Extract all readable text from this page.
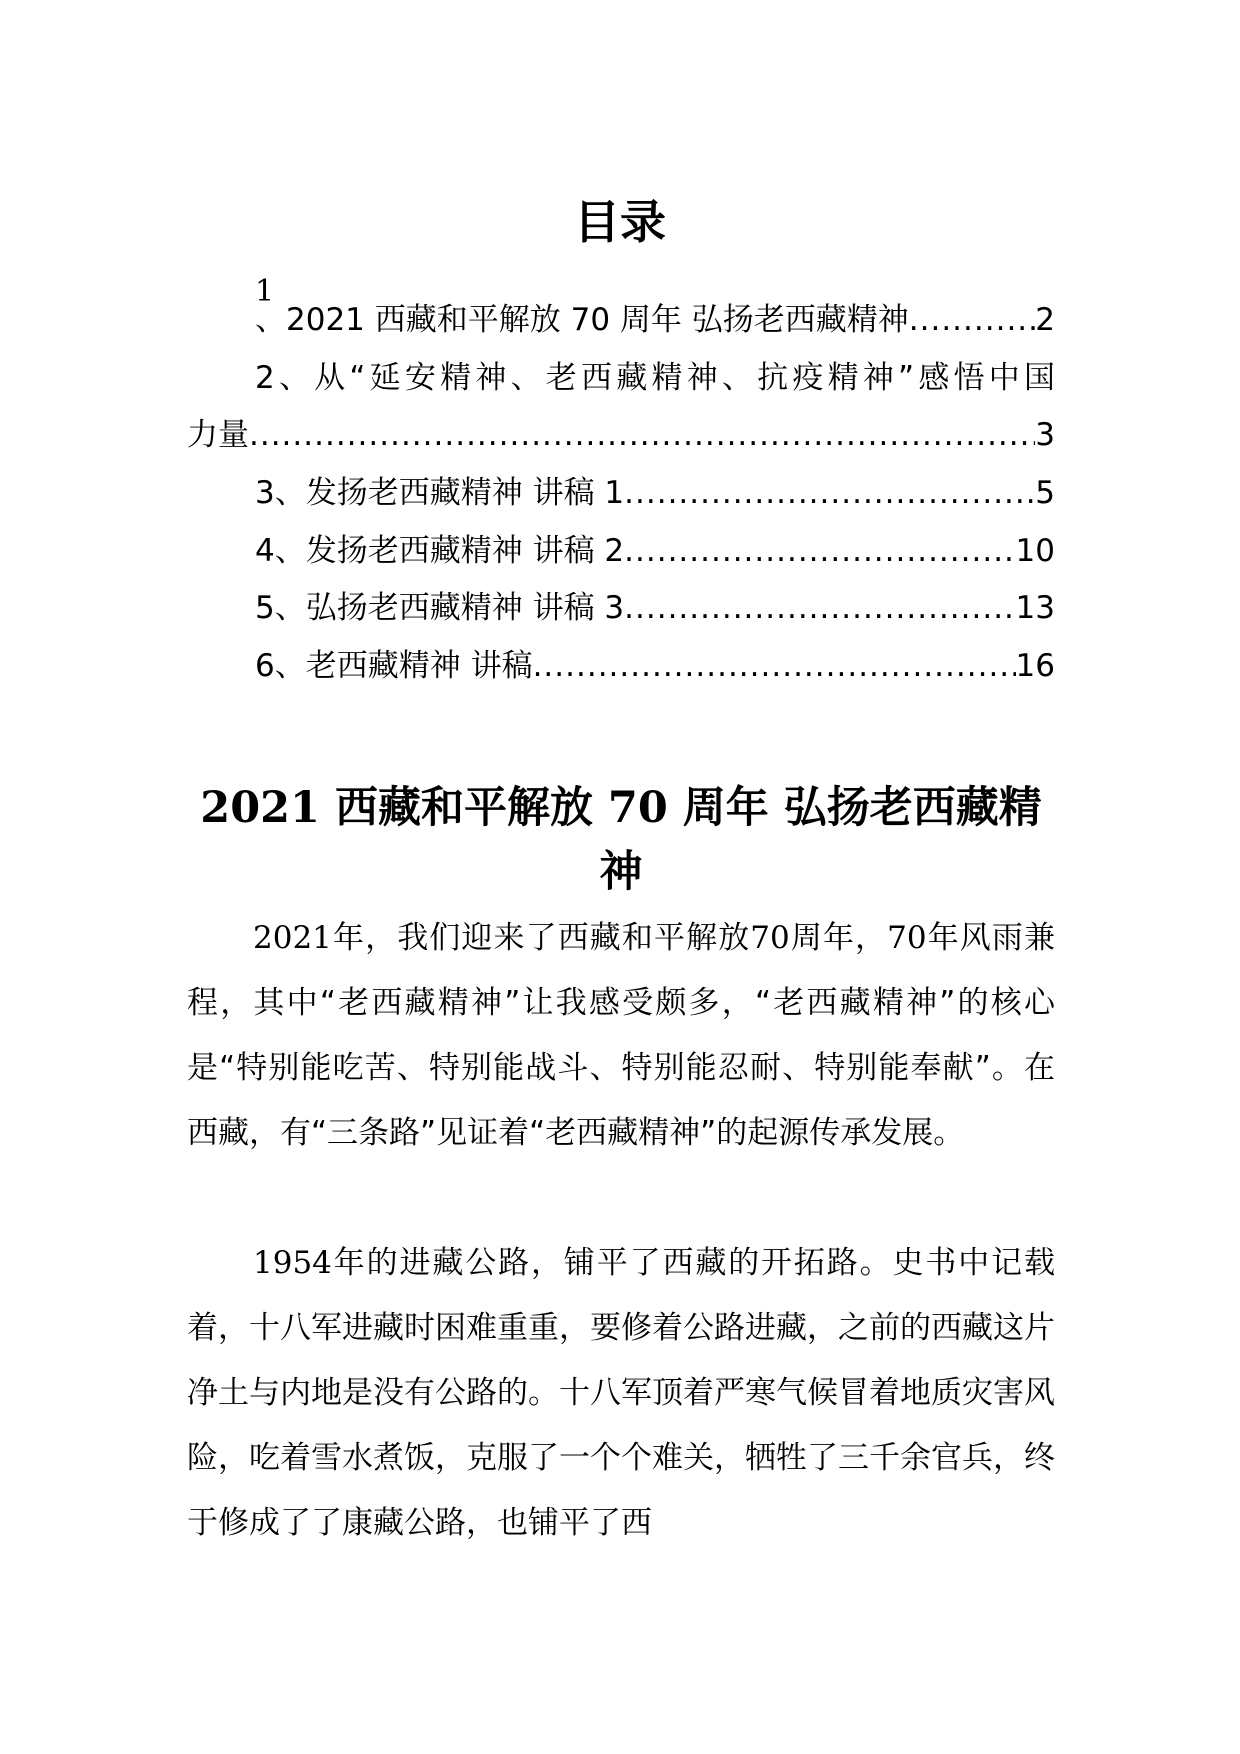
目录
1
、2021 西藏和平解放 70 周年 弘扬老西藏精神 .....	2
2、从“延安精神、老西藏精神、抗疫精神”感悟中国
力量 .....	3
3、发扬老西藏精神 讲稿 1 .....	5
4、发扬老西藏精神 讲稿 2 .....	10
5、弘扬老西藏精神 讲稿 3 .....	13
6、老西藏精神 讲稿 .....	16
2021 西藏和平解放 70 周年 弘扬老西藏精
神

2021年，我们迎来了西藏和平解放70周年，70年风雨兼程，其中“老西藏精神”让我感受颇多，“老西藏精神”的核心是“特别能吃苦、特别能战斗、特别能忍耐、特别能奉献”。在西藏，有“三条路”见证着“老西藏精神”的起源传承发展。

1954年的进藏公路，铺平了西藏的开拓路。史书中记载着，十八军进藏时困难重重，要修着公路进藏，之前的西藏这片净土与内地是没有公路的。十八军顶着严寒气候冒着地质灾害风险，吃着雪水煮饭，克服了一个个难关，牺牲了三千余官兵，终于修成了了康藏公路，也铺平了西
